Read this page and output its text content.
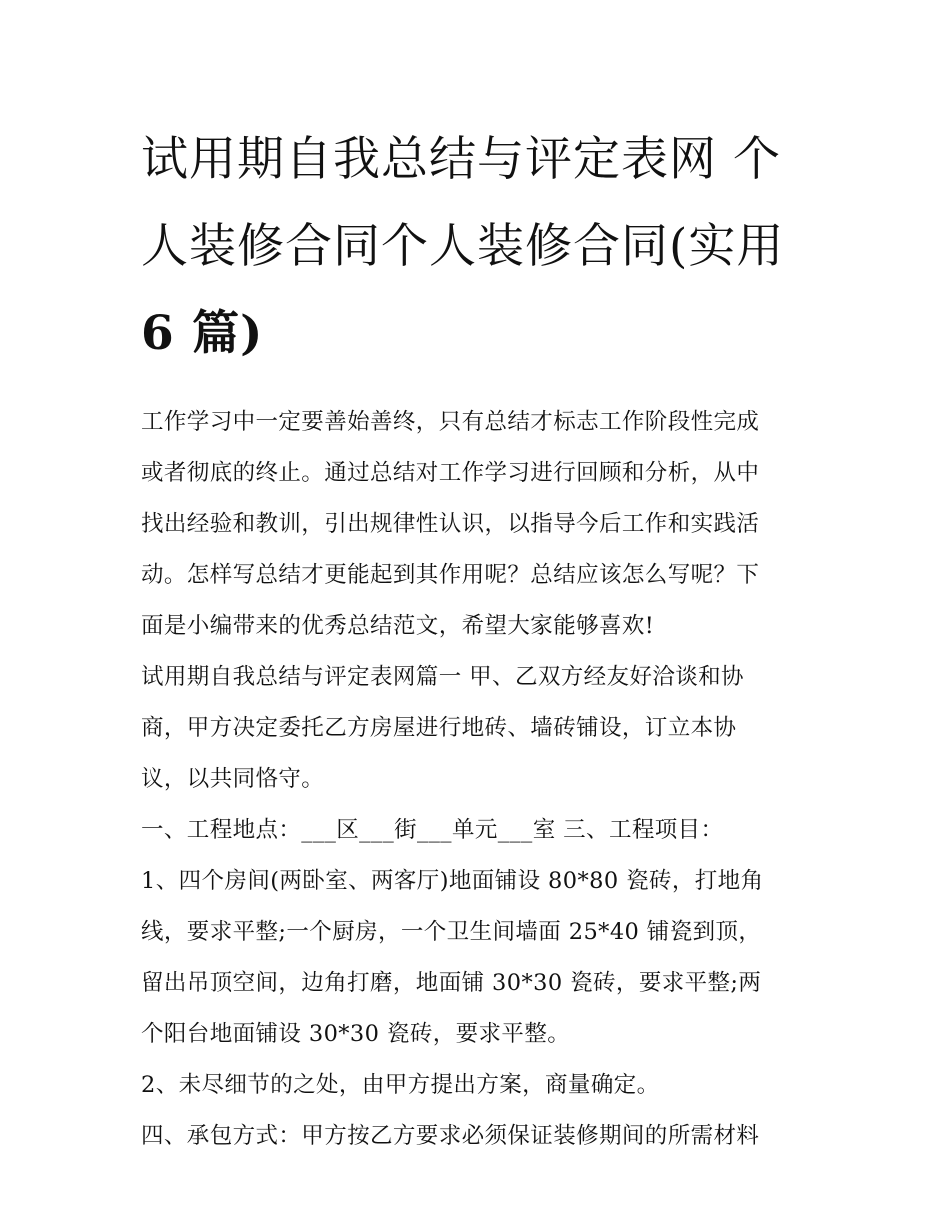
试用期自我总结与评定表网 个
人装修合同个人装修合同(实用
6 篇)

工作学习中一定要善始善终，只有总结才标志工作阶段性完成
或者彻底的终止。通过总结对工作学习进行回顾和分析，从中
找出经验和教训，引出规律性认识，以指导今后工作和实践活
动。怎样写总结才更能起到其作用呢？总结应该怎么写呢？下
面是小编带来的优秀总结范文，希望大家能够喜欢!

试用期自我总结与评定表网篇一 甲、乙双方经友好洽谈和协
商，甲方决定委托乙方房屋进行地砖、墙砖铺设，订立本协
议，以共同恪守。

一、工程地点：___区___街___单元___室 三、工程项目：

1、四个房间(两卧室、两客厅)地面铺设 80*80 瓷砖，打地角
线，要求平整;一个厨房，一个卫生间墙面 25*40 铺瓷到顶，
留出吊顶空间，边角打磨，地面铺 30*30 瓷砖，要求平整;两
个阳台地面铺设 30*30 瓷砖，要求平整。

2、未尽细节的之处，由甲方提出方案，商量确定。

四、承包方式：甲方按乙方要求必须保证装修期间的所需材料
